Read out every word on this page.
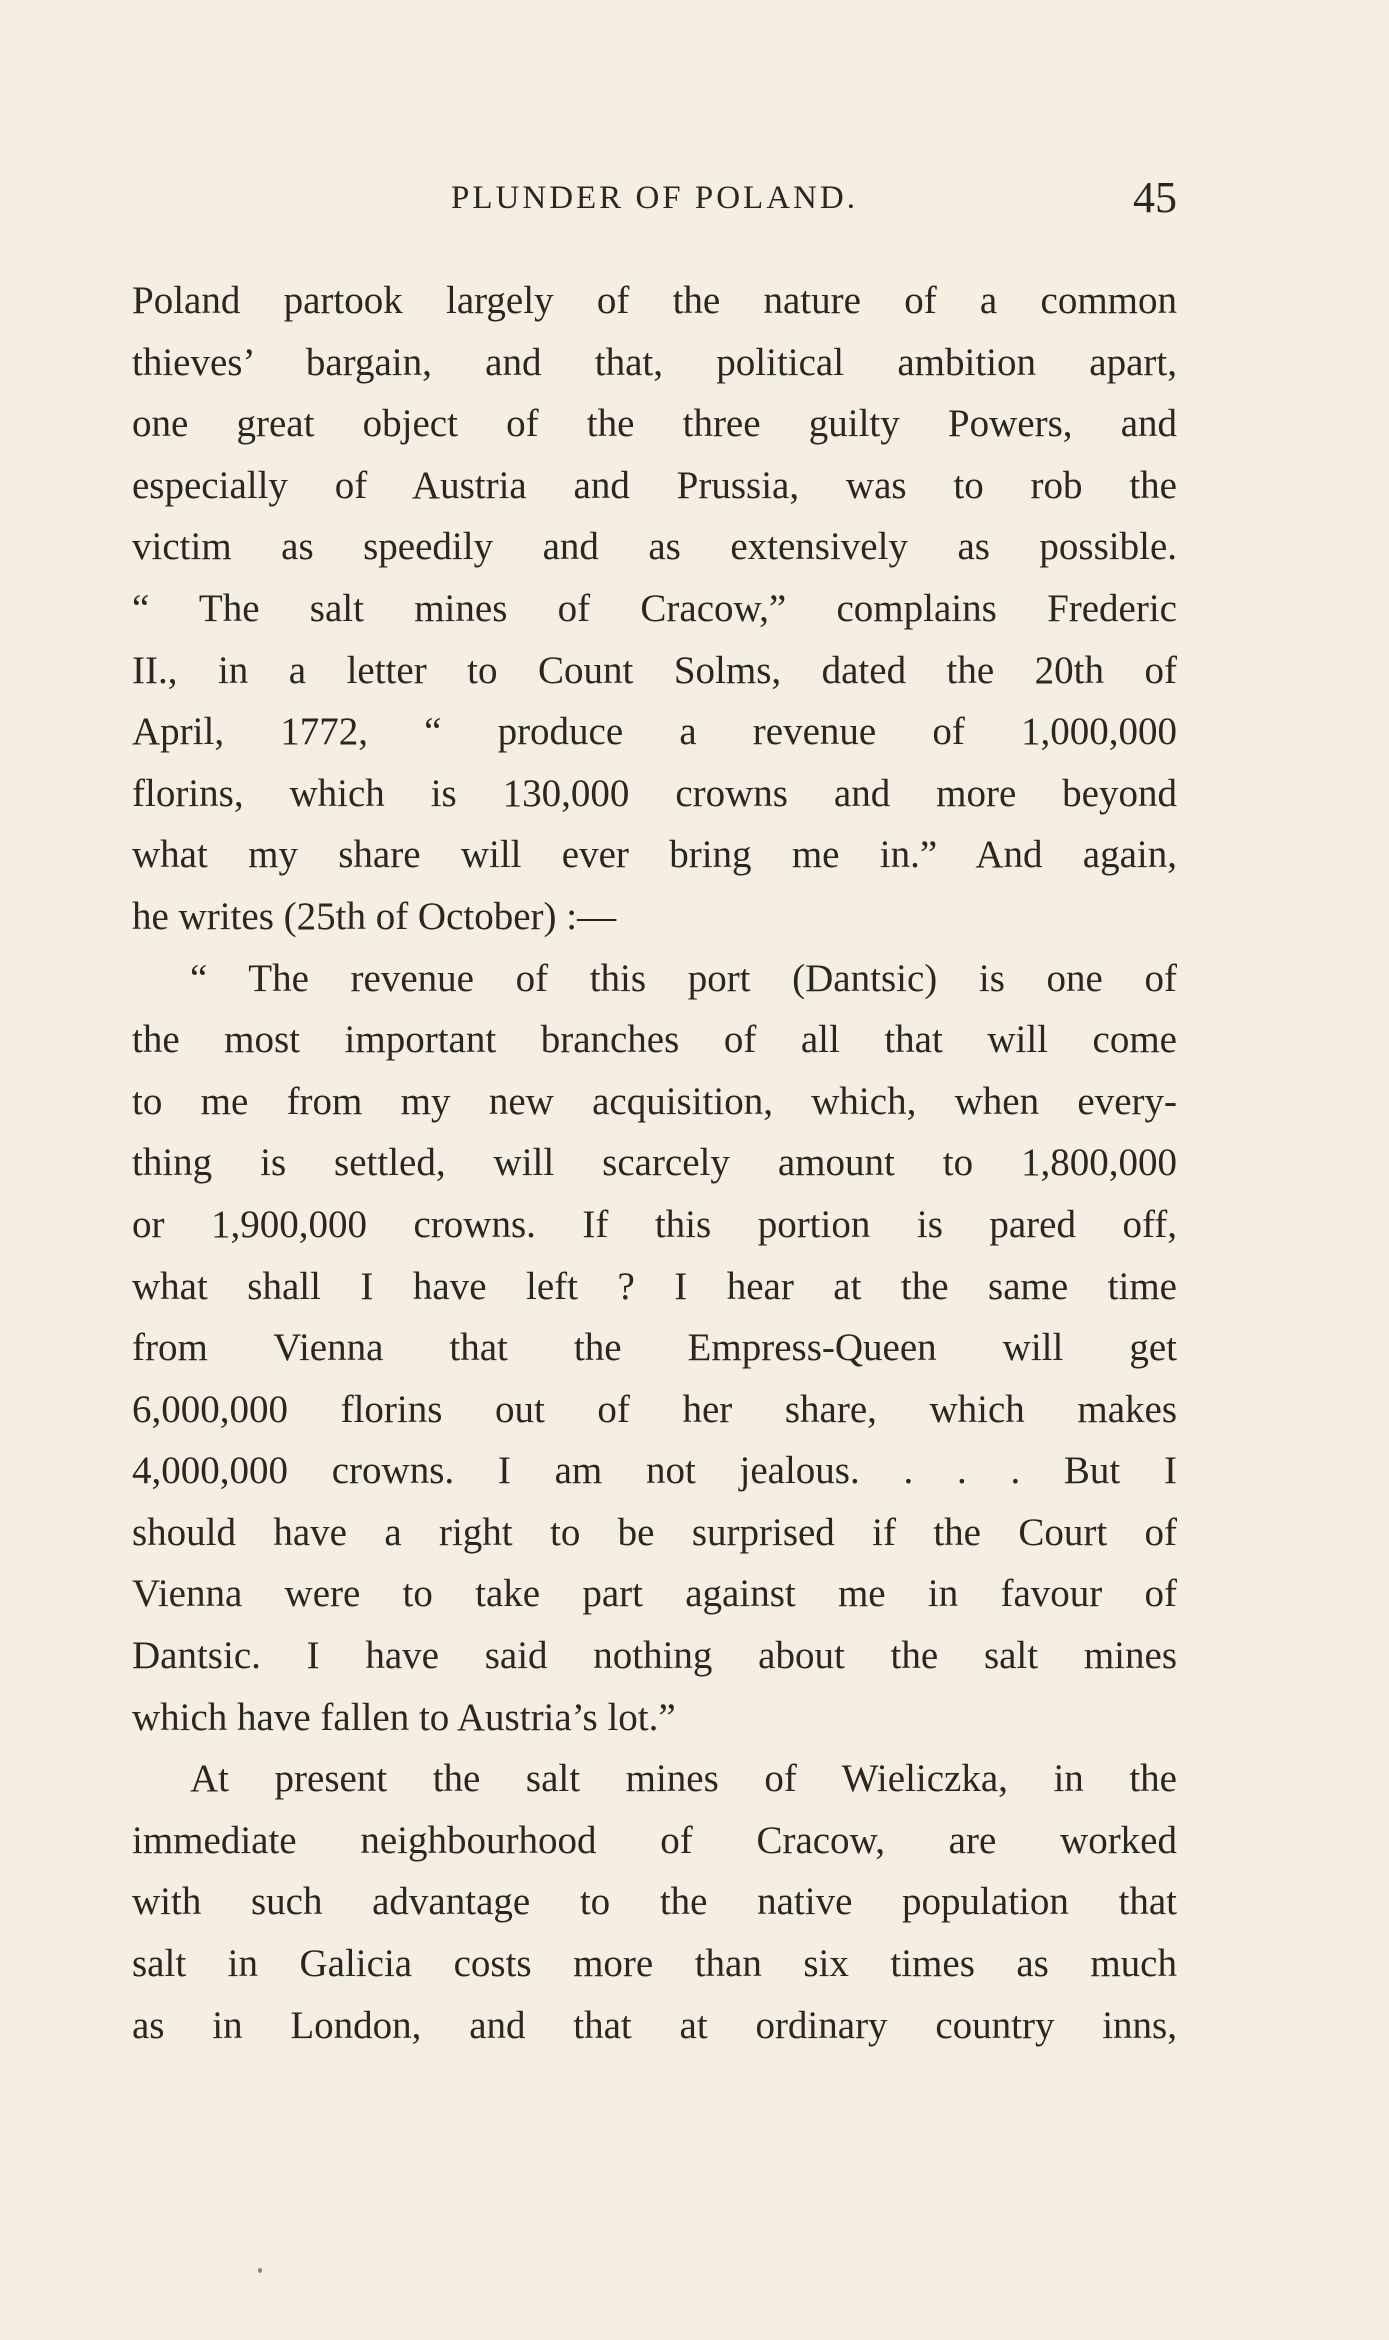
PLUNDER OF POLAND.	45
Poland partook largely of the nature of a common
thieves’ bargain, and that, political ambition apart,
one great object of the three guilty Powers, and
especially of Austria and Prussia, was to rob the
victim as speedily and as extensively as possible.
“ The salt mines of Cracow,” complains Frederic
II., in a letter to Count Solms, dated the 20th of
April, 1772, “ produce a revenue of 1,000,000
florins, which is 130,000 crowns and more beyond
what my share will ever bring me in.” And again,
he writes (25th of October) :—
“ The revenue of this port (Dantsic) is one of
the most important branches of all that will come
to me from my new acquisition, which, when every-
thing is settled, will scarcely amount to 1,800,000
or 1,900,000 crowns. If this portion is pared off,
what shall I have left ? I hear at the same time
from Vienna that the Empress-Queen will get
6,000,000 florins out of her share, which makes
4,000,000 crowns. I am not jealous. . . . But I
should have a right to be surprised if the Court of
Vienna were to take part against me in favour of
Dantsic. I have said nothing about the salt mines
which have fallen to Austria’s lot.”
At present the salt mines of Wieliczka, in the
immediate neighbourhood of Cracow, are worked
with such advantage to the native population that
salt in Galicia costs more than six times as much
as in London, and that at ordinary country inns,
